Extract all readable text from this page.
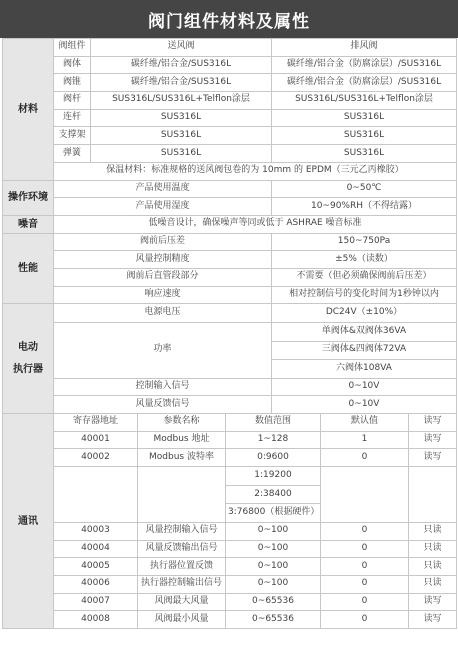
阀门组件材料及属性
材料	阀组件	送风阀			排风阀		
	阀体	碳纤维/铝合金/SUS316L			碳纤维/铝合金（防腐涂层）/SUS316L		
	阀锥	碳纤维/铝合金/SUS316L			碳纤维/铝合金（防腐涂层）/SUS316L		
	阀杆	SUS316L/SUS316L+Telflon涂层			SUS316L/SUS316L+Telflon涂层		
	连杆	SUS316L			SUS316L		
	支撑架	SUS316L			SUS316L		
	弹簧	SUS316L			SUS316L		
	保温材料：标准规格的送风阀包卷的为 10mm 的 EPDM（三元乙丙橡胶）						
操作环境	产品使用温度				0~50℃		
	产品使用湿度				10~90%RH（不得结露）		
噪音	低噪音设计，确保噪声等同或低于 ASHRAE 噪音标准						
性能	阀前后压差				150~750Pa		
	风量控制精度				±5%（读数）		
	阀前后直管段部分				不需要（但必须确保阀前后压差）		
	响应速度				相对控制信号的变化时间为1秒钟以内		

电动
执行器	电源电压				DC24V（±10%）		
	功率				单阀体&双阀体36VA		
					三阀体&四阀体72VA		
					六阀体108VA		
	控制输入信号				0~10V		
	风量反馈信号				0~10V		
通讯	寄存器地址		参数名称	数值范围		默认值	读写
	40001		Modbus 地址	1~128		1	读写
	40002		Modbus 波特率	0:9600		0	读写
				1:19200			
				2:38400			
				3:76800（根据硬件）			
	40003		风量控制输入信号	0~100		0	只读
	40004		风量反馈输出信号	0~100		0	只读
	40005		执行器位置反馈	0~100		0	只读
	40006		执行器控制输出信号	0~100		0	只读
	40007		风阀最大风量	0~65536		0	读写
	40008		风阀最小风量	0~65536		0	读写
